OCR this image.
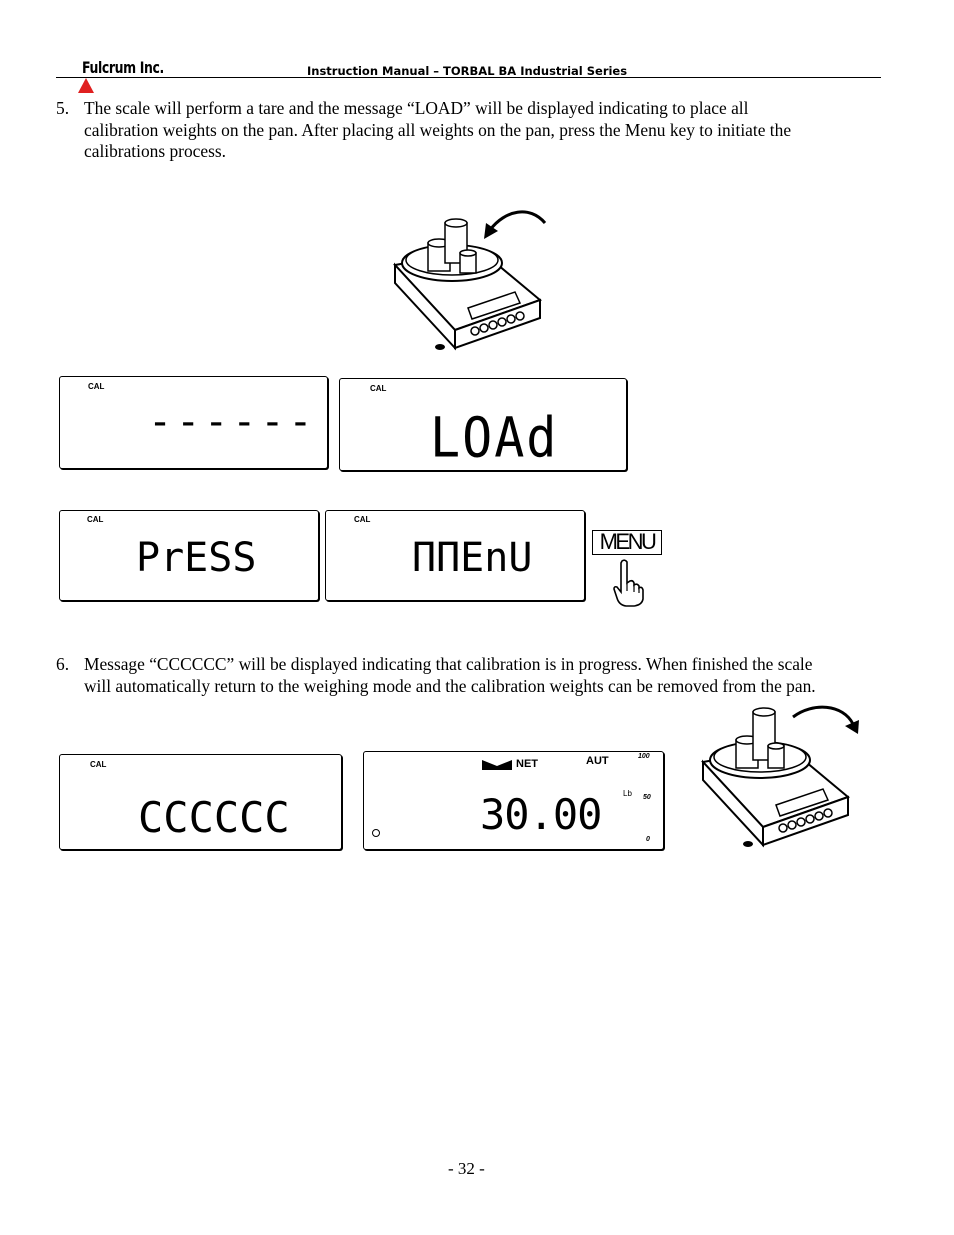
Fulcrum Inc.	Instruction Manual – TORBAL BA Industrial Series
5. The scale will perform a tare and the message “LOAD” will be displayed indicating to place all
calibration weights on the pan. After placing all weights on the pan, press the Menu key to initiate the
calibrations process.
CAL
------
CAL
LOAd
CAL
PrESS
CAL
ΠΠEnU	MENU
6. Message “CCCCCC” will be displayed indicating that calibration is in progress. When finished the scale
will automatically return to the weighing mode and the calibration weights can be removed from the pan.
CAL
CCCCCC
NET	AUT	100
Lb 50
0
30.00
- 32 -
